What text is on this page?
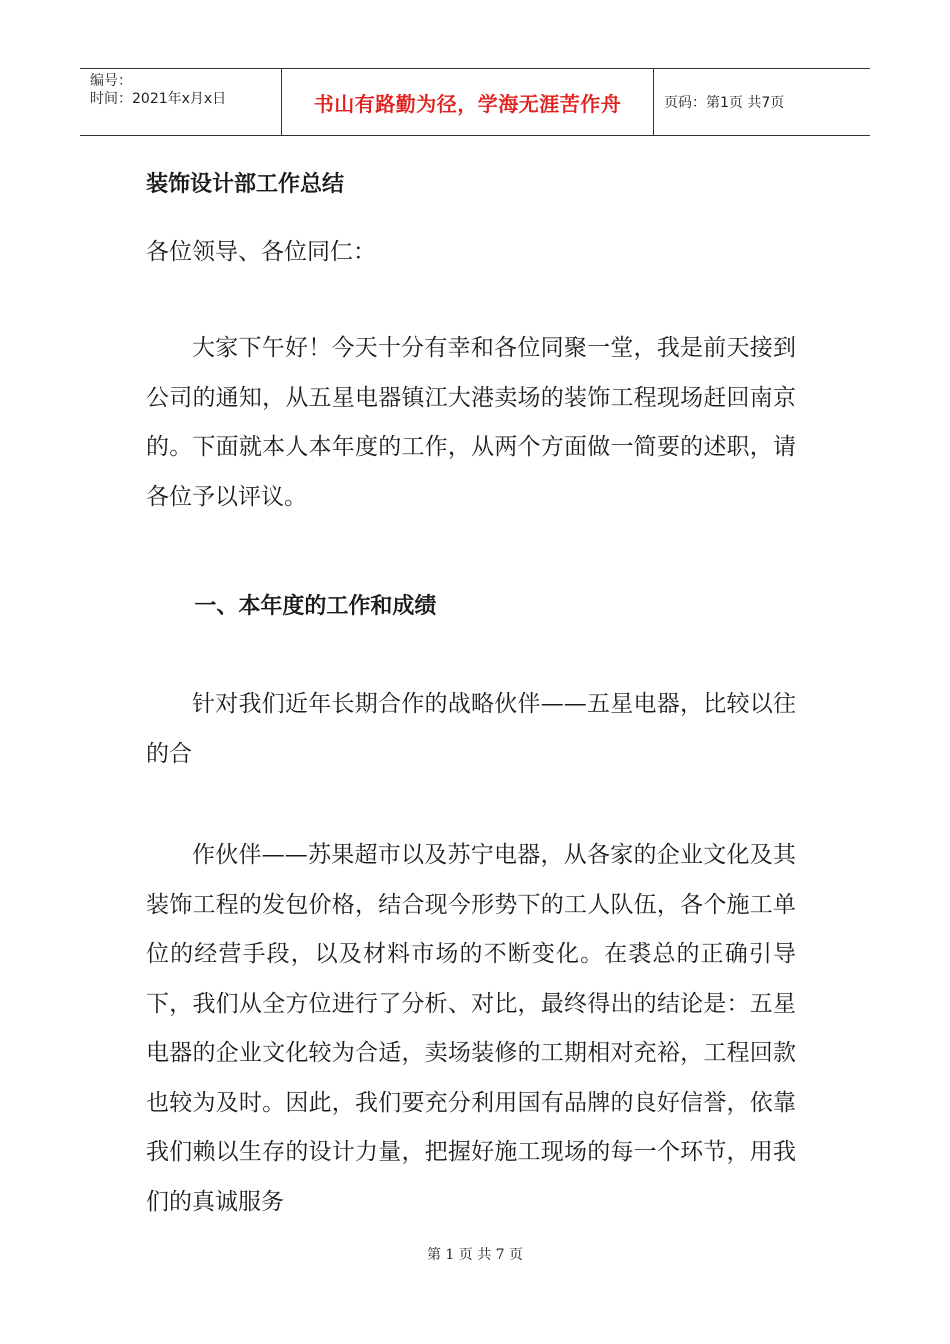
编号：
时间：2021年x月x日	书山有路勤为径，学海无涯苦作舟	页码：第1页 共7页
装饰设计部工作总结

各位领导、各位同仁：

大家下午好！今天十分有幸和各位同聚一堂，我是前天接到公司的通知，从五星电器镇江大港卖场的装饰工程现场赶回南京的。下面就本人本年度的工作，从两个方面做一简要的述职，请各位予以评议。

一、本年度的工作和成绩

针对我们近年长期合作的战略伙伴——五星电器，比较以往的合

作伙伴——苏果超市以及苏宁电器，从各家的企业文化及其装饰工程的发包价格，结合现今形势下的工人队伍，各个施工单位的经营手段，以及材料市场的不断变化。在裘总的正确引导下，我们从全方位进行了分析、对比，最终得出的结论是：五星电器的企业文化较为合适，卖场装修的工期相对充裕，工程回款也较为及时。因此，我们要充分利用国有品牌的良好信誉，依靠我们赖以生存的设计力量，把握好施工现场的每一个环节，用我们的真诚服务

第 1 页 共 7 页
